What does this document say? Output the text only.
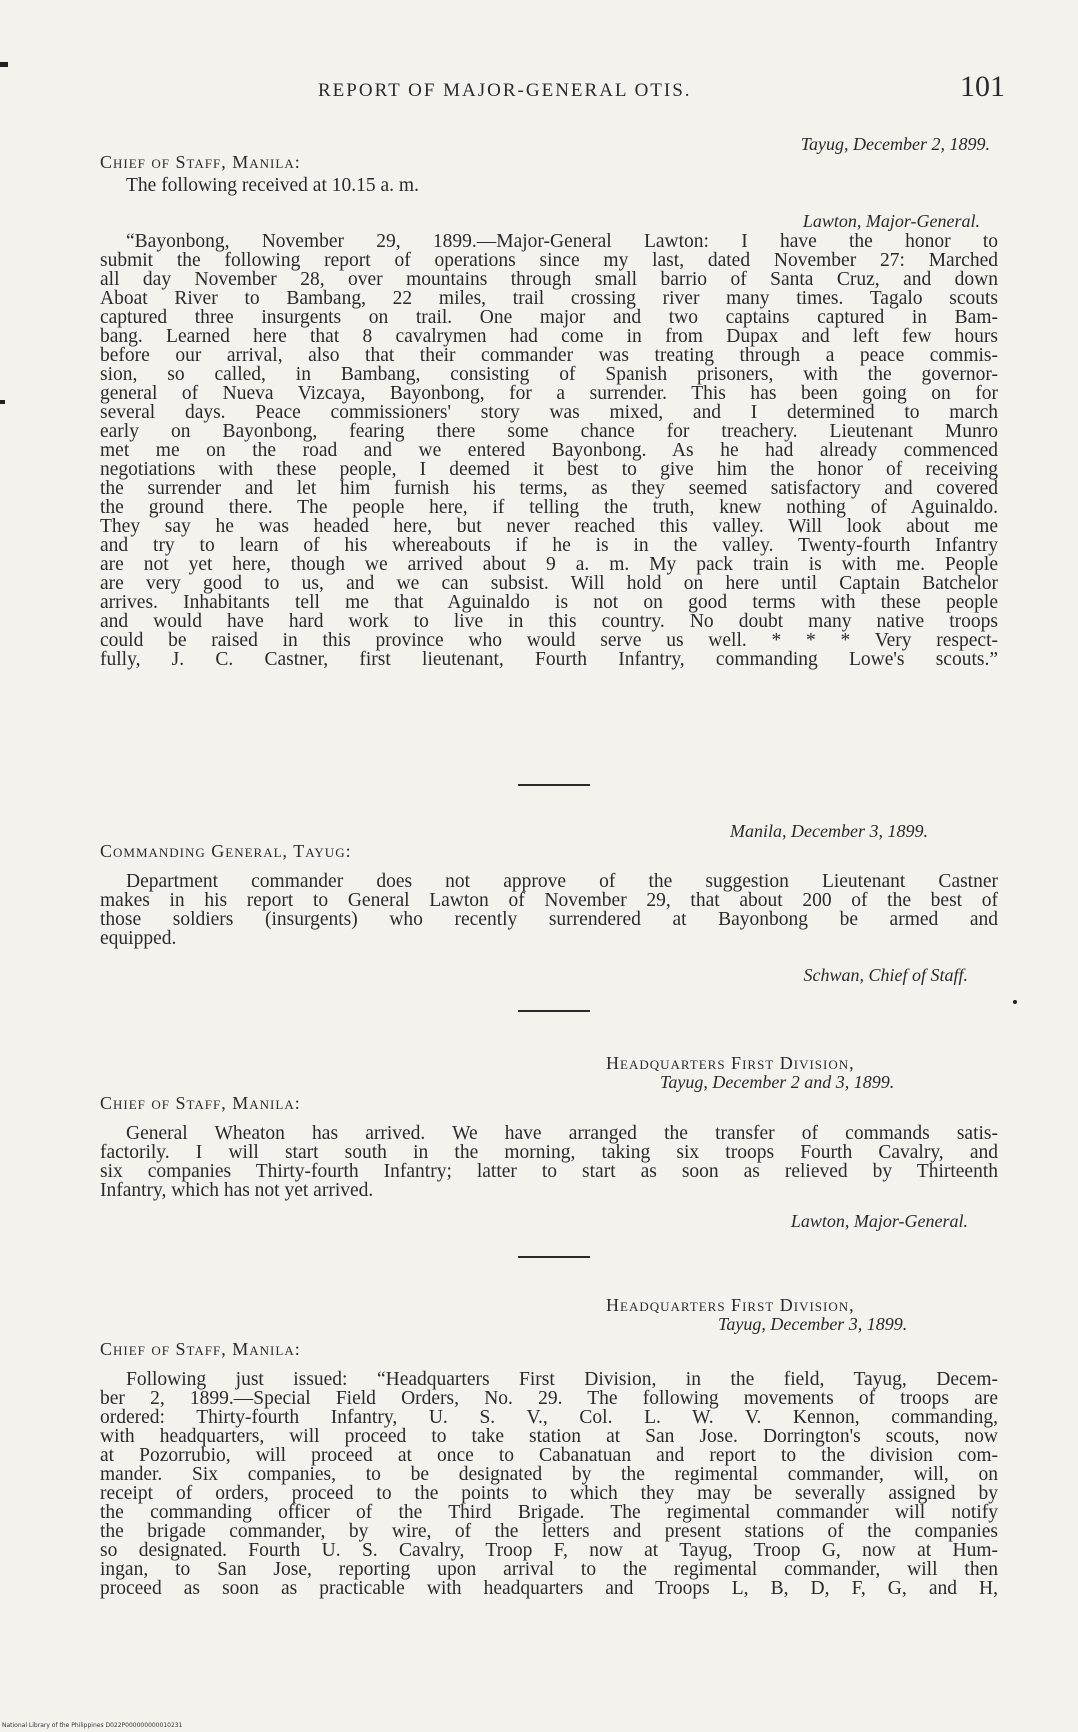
REPORT OF MAJOR-GENERAL OTIS.	101
Tayug, December 2, 1899.
Chief of Staff, Manila:
The following received at 10.15 a. m.
Lawton, Major-General.
“Bayonbong, November 29, 1899.—Major-General Lawton: I have the honor to
submit the following report of operations since my last, dated November 27: Marched
all day November 28, over mountains through small barrio of Santa Cruz, and down
Aboat River to Bambang, 22 miles, trail crossing river many times. Tagalo scouts
captured three insurgents on trail. One major and two captains captured in Bam-
bang. Learned here that 8 cavalrymen had come in from Dupax and left few hours
before our arrival, also that their commander was treating through a peace commis-
sion, so called, in Bambang, consisting of Spanish prisoners, with the governor-
general of Nueva Vizcaya, Bayonbong, for a surrender. This has been going on for
several days. Peace commissioners' story was mixed, and I determined to march
early on Bayonbong, fearing there some chance for treachery. Lieutenant Munro
met me on the road and we entered Bayonbong. As he had already commenced
negotiations with these people, I deemed it best to give him the honor of receiving
the surrender and let him furnish his terms, as they seemed satisfactory and covered
the ground there. The people here, if telling the truth, knew nothing of Aguinaldo.
They say he was headed here, but never reached this valley. Will look about me
and try to learn of his whereabouts if he is in the valley. Twenty-fourth Infantry
are not yet here, though we arrived about 9 a. m. My pack train is with me. People
are very good to us, and we can subsist. Will hold on here until Captain Batchelor
arrives. Inhabitants tell me that Aguinaldo is not on good terms with these people
and would have hard work to live in this country. No doubt many native troops
could be raised in this province who would serve us well. * * * Very respect-
fully, J. C. Castner, first lieutenant, Fourth Infantry, commanding Lowe's scouts.”
Manila, December 3, 1899.
Commanding General, Tayug:
Department commander does not approve of the suggestion Lieutenant Castner
makes in his report to General Lawton of November 29, that about 200 of the best of
those soldiers (insurgents) who recently surrendered at Bayonbong be armed and
equipped.
Schwan, Chief of Staff.
Headquarters First Division,
Tayug, December 2 and 3, 1899.
Chief of Staff, Manila:
General Wheaton has arrived. We have arranged the transfer of commands satis-
factorily. I will start south in the morning, taking six troops Fourth Cavalry, and
six companies Thirty-fourth Infantry; latter to start as soon as relieved by Thirteenth
Infantry, which has not yet arrived.
Lawton, Major-General.
Headquarters First Division,
Tayug, December 3, 1899.
Chief of Staff, Manila:
Following just issued: “Headquarters First Division, in the field, Tayug, Decem-
ber 2, 1899.—Special Field Orders, No. 29. The following movements of troops are
ordered: Thirty-fourth Infantry, U. S. V., Col. L. W. V. Kennon, commanding,
with headquarters, will proceed to take station at San Jose. Dorrington's scouts, now
at Pozorrubio, will proceed at once to Cabanatuan and report to the division com-
mander. Six companies, to be designated by the regimental commander, will, on
receipt of orders, proceed to the points to which they may be severally assigned by
the commanding officer of the Third Brigade. The regimental commander will notify
the brigade commander, by wire, of the letters and present stations of the companies
so designated. Fourth U. S. Cavalry, Troop F, now at Tayug, Troop G, now at Hum-
ingan, to San Jose, reporting upon arrival to the regimental commander, will then
proceed as soon as practicable with headquarters and Troops L, B, D, F, G, and H,
National Library of the Philippines D022P000000000010231
